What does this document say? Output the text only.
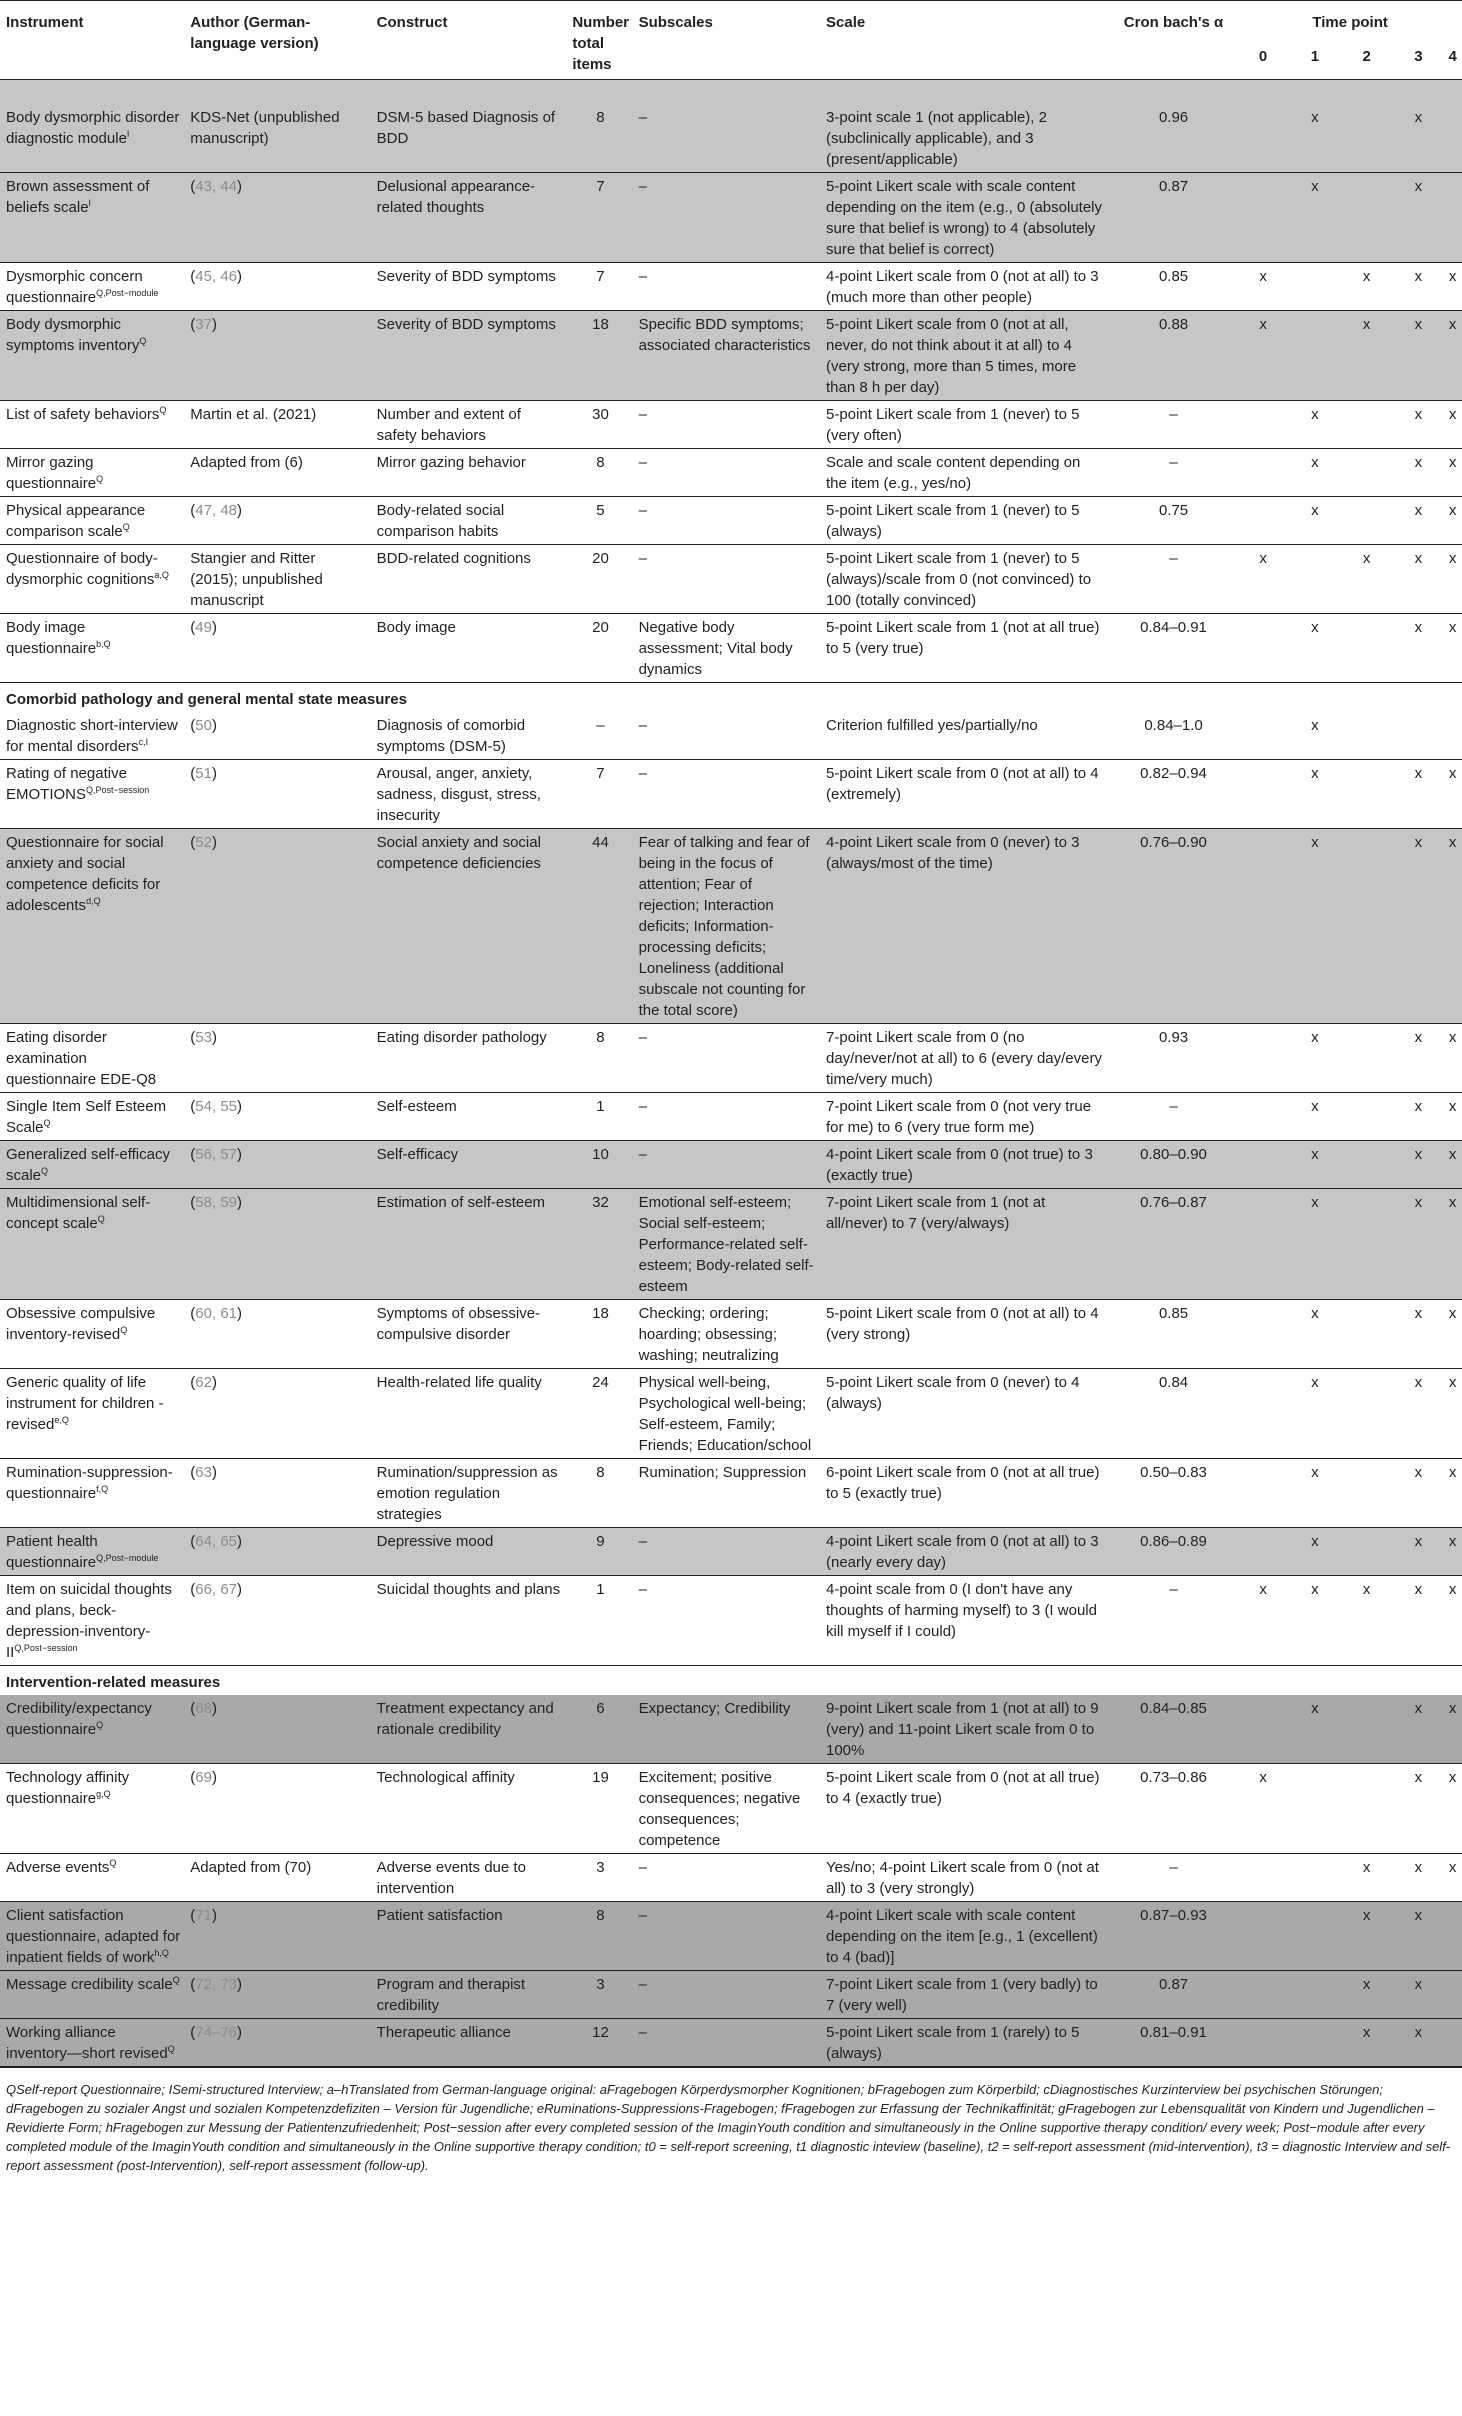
Instrument	Author (German-language version)	Construct	Number total items	Subscales	Scale	Cron bach's α	Time point				
							0	1	2	3	4

Body dysmorphic disorder diagnostic module$^I$	KDS-Net (unpublished manuscript)	DSM-5 based Diagnosis of BDD	8	–	3-point scale 1 (not applicable), 2 (subclinically applicable), and 3 (present/applicable)	0.96		x		x	
Brown assessment of beliefs scale$^I$	(43, 44)	Delusional appearance-related thoughts	7	–	5-point Likert scale with scale content depending on the item (e.g., 0 (absolutely sure that belief is wrong) to 4 (absolutely sure that belief is correct)	0.87		x		x	
Dysmorphic concern questionnaire$^{Q,Post-module}$	(45, 46)	Severity of BDD symptoms	7	–	4-point Likert scale from 0 (not at all) to 3 (much more than other people)	0.85	x		x	x	x
Body dysmorphic symptoms inventory$^Q$	(37)	Severity of BDD symptoms	18	Specific BDD symptoms; associated characteristics	5-point Likert scale from 0 (not at all, never, do not think about it at all) to 4 (very strong, more than 5 times, more than 8 h per day)	0.88	x		x	x	x
List of safety behaviors$^Q$	Martin et al. (2021)	Number and extent of safety behaviors	30	–	5-point Likert scale from 1 (never) to 5 (very often)	–		x		x	x
Mirror gazing questionnaire$^Q$	Adapted from (6)	Mirror gazing behavior	8	–	Scale and scale content depending on the item (e.g., yes/no)	–		x		x	x
Physical appearance comparison scale$^Q$	(47, 48)	Body-related social comparison habits	5	–	5-point Likert scale from 1 (never) to 5 (always)	0.75		x		x	x
Questionnaire of body-dysmorphic cognitions$^{a,Q}$	Stangier and Ritter (2015); unpublished manuscript	BDD-related cognitions	20	–	5-point Likert scale from 1 (never) to 5 (always)/scale from 0 (not convinced) to 100 (totally convinced)	–	x		x	x	x
Body image questionnaire$^{b,Q}$	(49)	Body image	20	Negative body assessment; Vital body dynamics	5-point Likert scale from 1 (not at all true) to 5 (very true)	0.84–0.91		x		x	x
Comorbid pathology and general mental state measures											
Diagnostic short-interview for mental disorders$^{c,I}$	(50)	Diagnosis of comorbid symptoms (DSM-5)	–	–	Criterion fulfilled yes/partially/no	0.84–1.0		x			
Rating of negative $EMOTIONS^{Q,Post-session}$	(51)	Arousal, anger, anxiety, sadness, disgust, stress, insecurity	7	–	5-point Likert scale from 0 (not at all) to 4 (extremely)	0.82–0.94		x		x	x
Questionnaire for social anxiety and social competence deficits for adolescents$^{d,Q}$	(52)	Social anxiety and social competence deficiencies	44	Fear of talking and fear of being in the focus of attention; Fear of rejection; Interaction deficits; Information-processing deficits; Loneliness (additional subscale not counting for the total score)	4-point Likert scale from 0 (never) to 3 (always/most of the time)	0.76–0.90		x		x	x
Eating disorder examination questionnaire EDE-Q8	(53)	Eating disorder pathology	8	–	7-point Likert scale from 0 (no day/never/not at all) to 6 (every day/every time/very much)	0.93		x		x	x
Single Item Self Esteem Scale$^Q$	(54, 55)	Self-esteem	1	–	7-point Likert scale from 0 (not very true for me) to 6 (very true form me)	–		x		x	x
Generalized self-efficacy scale$^Q$	(56, 57)	Self-efficacy	10	–	4-point Likert scale from 0 (not true) to 3 (exactly true)	0.80–0.90		x		x	x
Multidimensional self-concept scale$^Q$	(58, 59)	Estimation of self-esteem	32	Emotional self-esteem; Social self-esteem; Performance-related self-esteem; Body-related self-esteem	7-point Likert scale from 1 (not at all/never) to 7 (very/always)	0.76–0.87		x		x	x
Obsessive compulsive inventory-revised$^Q$	(60, 61)	Symptoms of obsessive-compulsive disorder	18	Checking; ordering; hoarding; obsessing; washing; neutralizing	5-point Likert scale from 0 (not at all) to 4 (very strong)	0.85		x		x	x
Generic quality of life instrument for children -revised$^{e,Q}$	(62)	Health-related life quality	24	Physical well-being, Psychological well-being; Self-esteem, Family; Friends; Education/school	5-point Likert scale from 0 (never) to 4 (always)	0.84		x		x	x
Rumination-suppression-questionnaire$^{f,Q}$	(63)	Rumination/suppression as emotion regulation strategies	8	Rumination; Suppression	6-point Likert scale from 0 (not at all true) to 5 (exactly true)	0.50–0.83		x		x	x
Patient health questionnaire$^{Q,Post-module}$	(64, 65)	Depressive mood	9	–	4-point Likert scale from 0 (not at all) to 3 (nearly every day)	0.86–0.89		x		x	x
Item on suicidal thoughts and plans, beck-$depression-inventory-II^{Q,Post-session}$	(66, 67)	Suicidal thoughts and plans	1	–	4-point scale from 0 (I don't have any thoughts of harming myself) to 3 (I would kill myself if I could)	–	x	x	x	x	x
Intervention-related measures											
Credibility/expectancy questionnaire$^Q$	(68)	Treatment expectancy and rationale credibility	6	Expectancy; Credibility	9-point Likert scale from 1 (not at all) to 9 (very) and 11-point Likert scale from 0 to 100%	0.84–0.85		x		x	x
Technology affinity questionnaire$^{g,Q}$	(69)	Technological affinity	19	Excitement; positive consequences; negative consequences; competence	5-point Likert scale from 0 (not at all true) to 4 (exactly true)	0.73–0.86	x			x	x
Adverse events$^Q$	Adapted from (70)	Adverse events due to intervention	3	–	Yes/no; 4-point Likert scale from 0 (not at all) to 3 (very strongly)	–			x	x	x
Client satisfaction questionnaire, adapted for inpatient fields of work$^{h,Q}$	(71)	Patient satisfaction	8	–	4-point Likert scale with scale content depending on the item [e.g., 1 (excellent) to 4 (bad)]	0.87–0.93			x	x	
Message credibility scale$^Q$	(72, 73)	Program and therapist credibility	3	–	7-point Likert scale from 1 (very badly) to 7 (very well)	0.87			x	x	
Working alliance inventory—short revised$^Q$	(74–76)	Therapeutic alliance	12	–	5-point Likert scale from 1 (rarely) to 5 (always)	0.81–0.91			x	x	
QSelf-report Questionnaire; ISemi-structured Interview; a–hTranslated from German-language original: aFragebogen Körperdysmorpher Kognitionen; bFragebogen zum Körperbild; cDiagnostisches Kurzinterview bei psychischen Störungen; dFragebogen zu sozialer Angst und sozialen Kompetenzdefiziten – Version für Jugendliche; eRuminations-Suppressions-Fragebogen; fFragebogen zur Erfassung der Technikaffinität; gFragebogen zur Lebensqualität von Kindern und Jugendlichen – Revidierte Form; hFragebogen zur Messung der Patientenzufriedenheit; Post−session after every completed session of the ImaginYouth condition and simultaneously in the Online supportive therapy condition/ every week; Post−module after every completed module of the ImaginYouth condition and simultaneously in the Online supportive therapy condition; t0 = self-report screening, t1 diagnostic inteview (baseline), t2 = self-report assessment (mid-intervention), t3 = diagnostic Interview and self-report assessment (post-Intervention), self-report assessment (follow-up).
